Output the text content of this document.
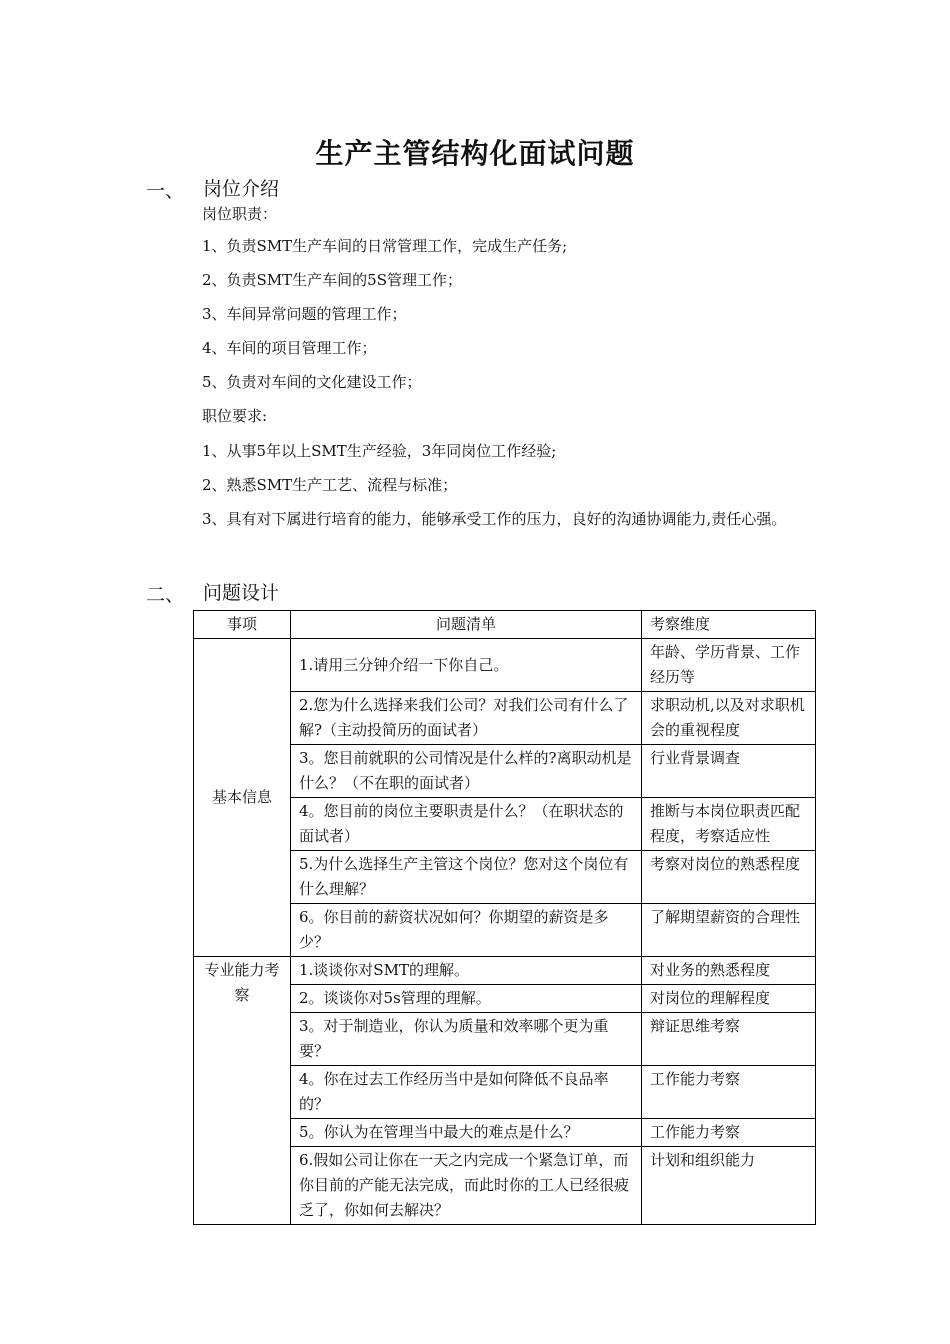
生产主管结构化面试问题
一、 岗位介绍
岗位职责：
1、负责SMT生产车间的日常管理工作，完成生产任务;
2、负责SMT生产车间的5S管理工作；
3、车间异常问题的管理工作；
4、车间的项目管理工作；
5、负责对车间的文化建设工作；
职位要求:
1、从事5年以上SMT生产经验，3年同岗位工作经验;
2、熟悉SMT生产工艺、流程与标准；
3、具有对下属进行培育的能力，能够承受工作的压力，良好的沟通协调能力,责任心强。
二、 问题设计
事项	问题清单	考察维度
基本信息	1.请用三分钟介绍一下你自己。	年龄、学历背景、工作经历等
	2.您为什么选择来我们公司？对我们公司有什么了解?（主动投简历的面试者）	求职动机,以及对求职机会的重视程度
	3。您目前就职的公司情况是什么样的?离职动机是什么？（不在职的面试者）	行业背景调查
	4。您目前的岗位主要职责是什么？（在职状态的面试者）	推断与本岗位职责匹配程度，考察适应性
	5.为什么选择生产主管这个岗位？您对这个岗位有什么理解？	考察对岗位的熟悉程度
	6。你目前的薪资状况如何？你期望的薪资是多少？	了解期望薪资的合理性
专业能力考察	1.谈谈你对SMT的理解。	对业务的熟悉程度
	2。谈谈你对5s管理的理解。	对岗位的理解程度
	3。对于制造业，你认为质量和效率哪个更为重要？	辩证思维考察
	4。你在过去工作经历当中是如何降低不良品率的？	工作能力考察
	5。你认为在管理当中最大的难点是什么？	工作能力考察
	6.假如公司让你在一天之内完成一个紧急订单，而你目前的产能无法完成，而此时你的工人已经很疲乏了，你如何去解决？	计划和组织能力
